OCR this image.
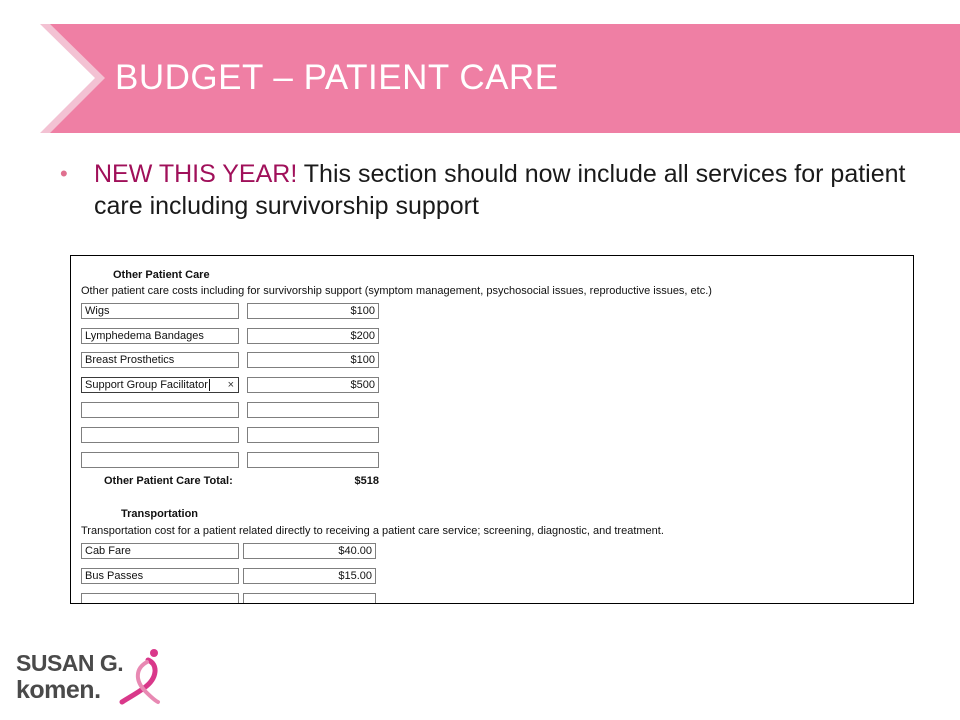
BUDGET – PATIENT CARE
• NEW THIS YEAR! This section should now include all services for patient care including survivorship support
Other Patient Care
Other patient care costs including for survivorship support (symptom management, psychosocial issues, reproductive issues, etc.)
Wigs	$100
Lymphedema Bandages	$200
Breast Prosthetics	$100
Support Group Facilitator ×	$500
Other Patient Care Total:	$518
Transportation
Transportation cost for a patient related directly to receiving a patient care service; screening, diagnostic, and treatment.
Cab Fare	$40.00
Bus Passes	$15.00
SUSAN G.
komen.
